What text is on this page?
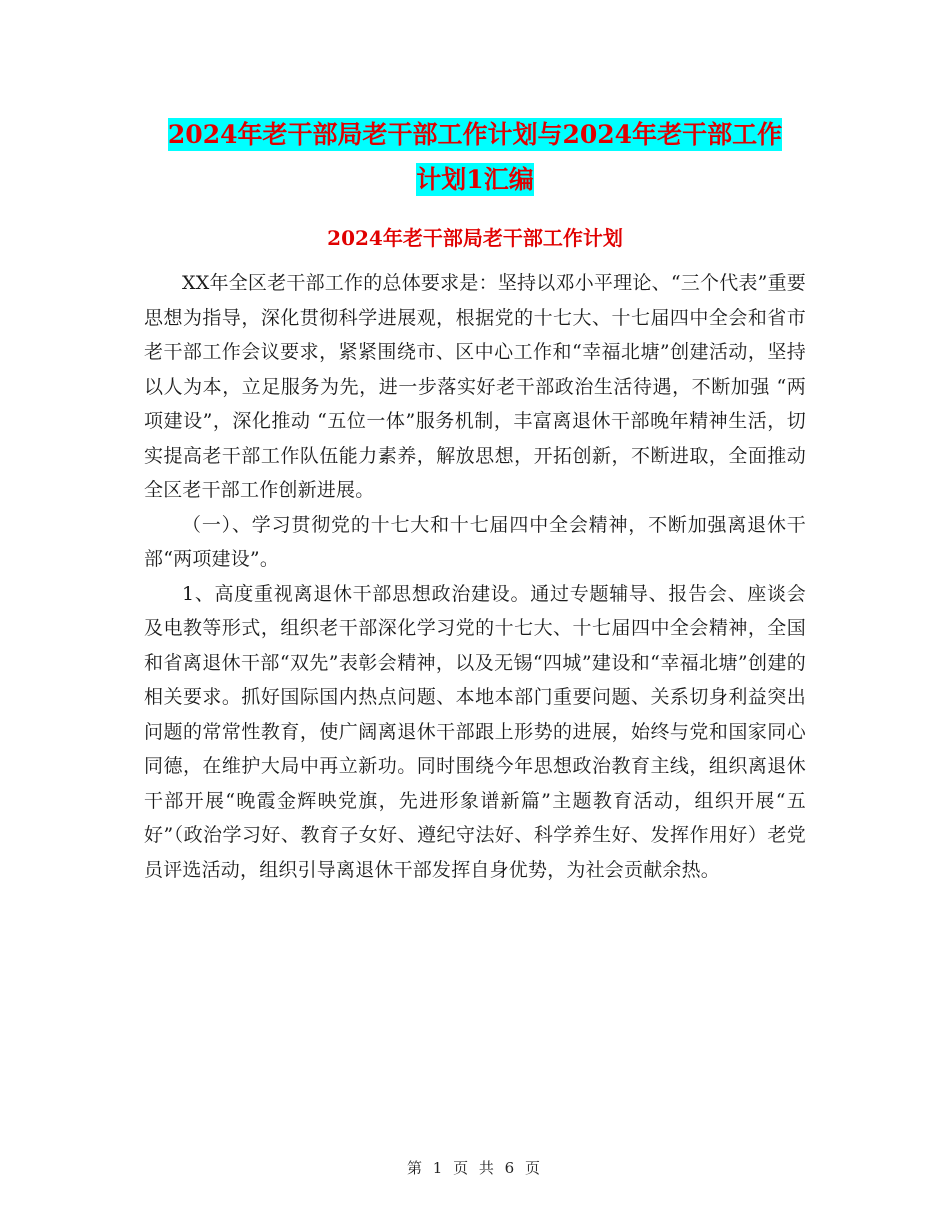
2024年老干部局老干部工作计划与2024年老干部工作
计划1汇编
2024年老干部局老干部工作计划

XX年全区老干部工作的总体要求是：坚持以邓小平理论、“三个代表”重要思想为指导，深化贯彻科学进展观，根据党的十七大、十七届四中全会和省市老干部工作会议要求，紧紧围绕市、区中心工作和“幸福北塘”创建活动，坚持以人为本，立足服务为先，进一步落实好老干部政治生活待遇，不断加强 “两项建设”，深化推动 “五位一体”服务机制，丰富离退休干部晚年精神生活，切实提高老干部工作队伍能力素养，解放思想，开拓创新，不断进取，全面推动全区老干部工作创新进展。

（一）、学习贯彻党的十七大和十七届四中全会精神，不断加强离退休干部“两项建设”。

1、高度重视离退休干部思想政治建设。通过专题辅导、报告会、座谈会及电教等形式，组织老干部深化学习党的十七大、十七届四中全会精神，全国和省离退休干部“双先”表彰会精神，以及无锡“四城”建设和“幸福北塘”创建的相关要求。抓好国际国内热点问题、本地本部门重要问题、关系切身利益突出问题的常常性教育，使广阔离退休干部跟上形势的进展，始终与党和国家同心同德，在维护大局中再立新功。同时围绕今年思想政治教育主线，组织离退休干部开展“晚霞金辉映党旗，先进形象谱新篇”主题教育活动，组织开展“五好”（政治学习好、教育子女好、遵纪守法好、科学养生好、发挥作用好）老党员评选活动，组织引导离退休干部发挥自身优势，为社会贡献余热。

第 1 页 共 6 页
